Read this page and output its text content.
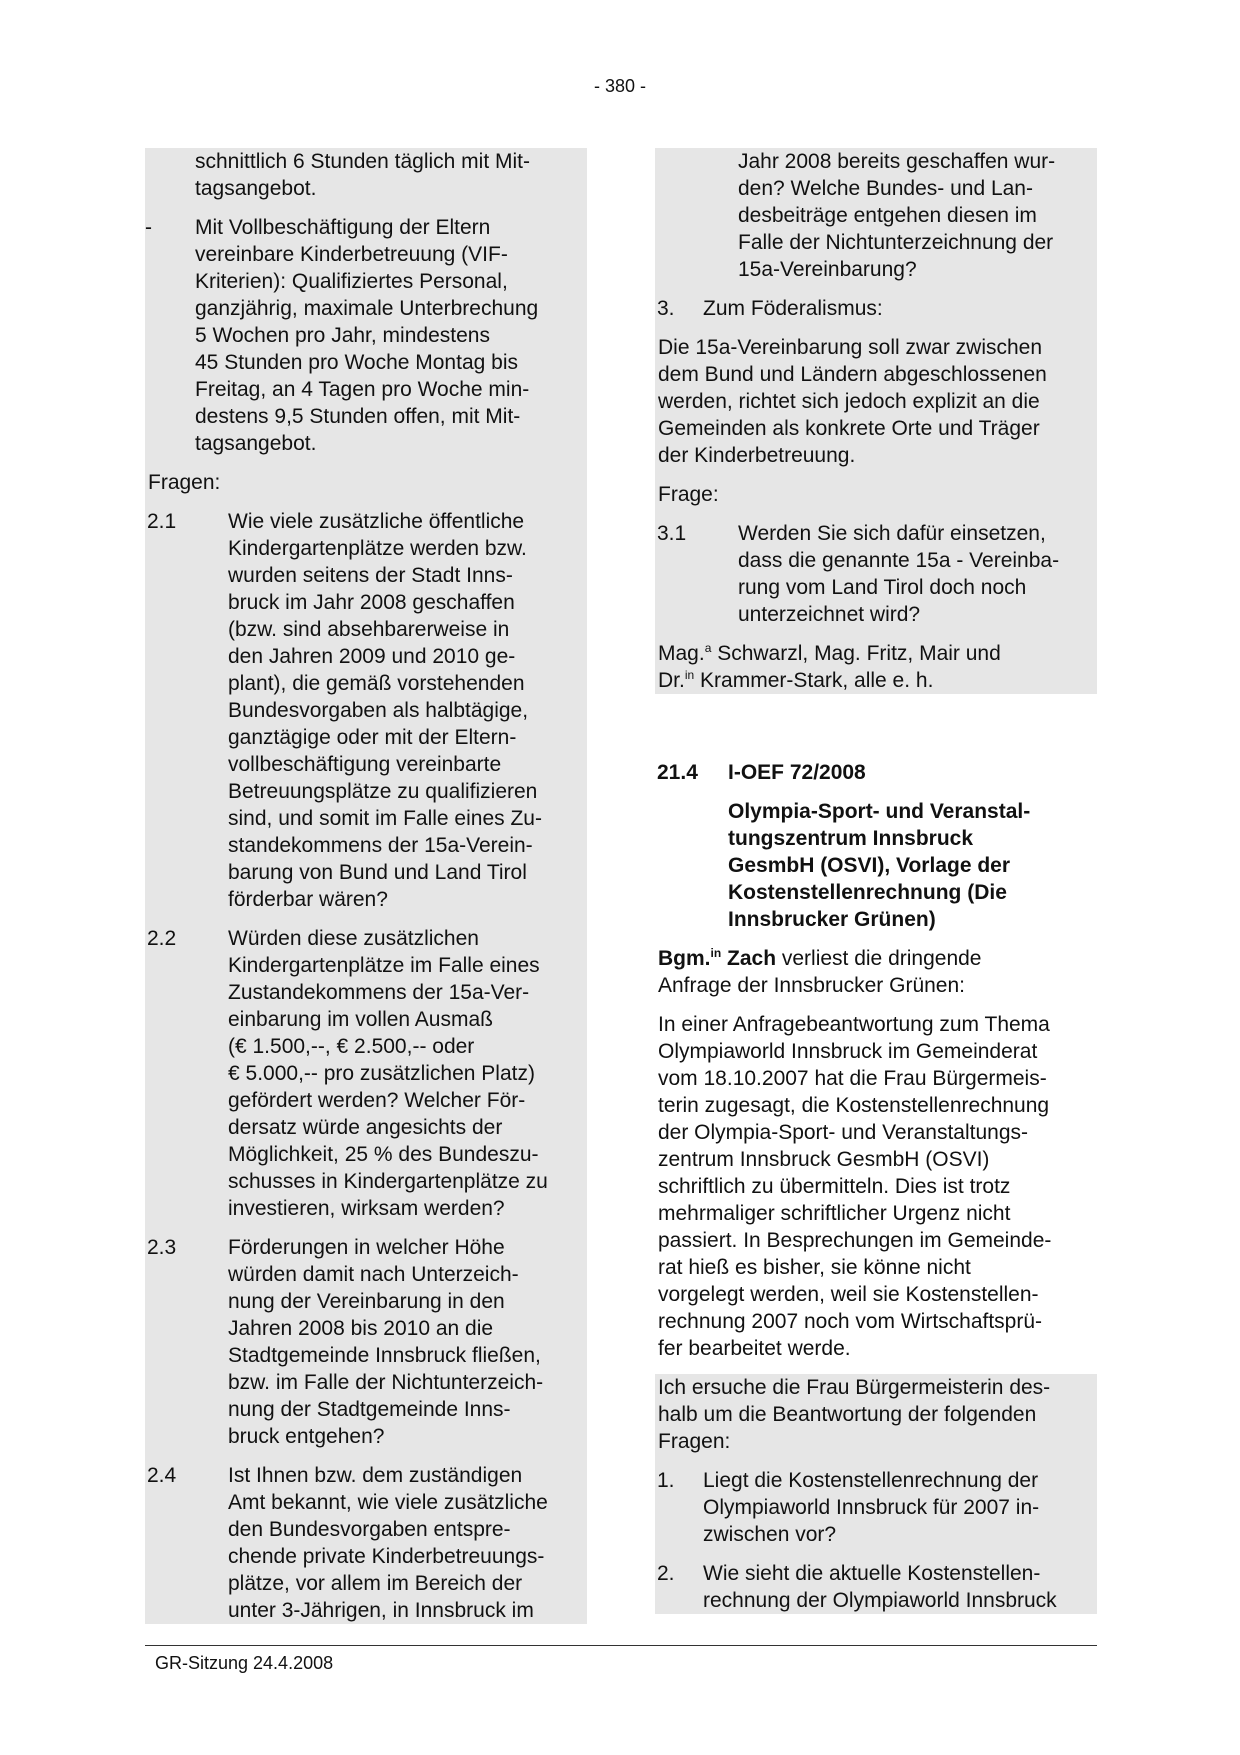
- 380 -
schnittlich 6 Stunden täglich mit Mit-
tagsangebot.
- Mit Vollbeschäftigung der Eltern
vereinbare Kinderbetreuung (VIF-
Kriterien): Qualifiziertes Personal,
ganzjährig, maximale Unterbrechung
5 Wochen pro Jahr, mindestens
45 Stunden pro Woche Montag bis
Freitag, an 4 Tagen pro Woche min-
destens 9,5 Stunden offen, mit Mit-
tagsangebot.
Fragen:
2.1 Wie viele zusätzliche öffentliche
Kindergartenplätze werden bzw.
wurden seitens der Stadt Inns-
bruck im Jahr 2008 geschaffen
(bzw. sind absehbarerweise in
den Jahren 2009 und 2010 ge-
plant), die gemäß vorstehenden
Bundesvorgaben als halbtägige,
ganztägige oder mit der Eltern-
vollbeschäftigung vereinbarte
Betreuungsplätze zu qualifizieren
sind, und somit im Falle eines Zu-
standekommens der 15a-Verein-
barung von Bund und Land Tirol
förderbar wären?
2.2 Würden diese zusätzlichen
Kindergartenplätze im Falle eines
Zustandekommens der 15a-Ver-
einbarung im vollen Ausmaß
(€ 1.500,--, € 2.500,-- oder
€ 5.000,-- pro zusätzlichen Platz)
gefördert werden? Welcher För-
dersatz würde angesichts der
Möglichkeit, 25 % des Bundeszu-
schusses in Kindergartenplätze zu
investieren, wirksam werden?
2.3 Förderungen in welcher Höhe
würden damit nach Unterzeich-
nung der Vereinbarung in den
Jahren 2008 bis 2010 an die
Stadtgemeinde Innsbruck fließen,
bzw. im Falle der Nichtunterzeich-
nung der Stadtgemeinde Inns-
bruck entgehen?
2.4 Ist Ihnen bzw. dem zuständigen
Amt bekannt, wie viele zusätzliche
den Bundesvorgaben entspre-
chende private Kinderbetreuungs-
plätze, vor allem im Bereich der
unter 3-Jährigen, in Innsbruck im
Jahr 2008 bereits geschaffen wur-
den? Welche Bundes- und Lan-
desbeiträge entgehen diesen im
Falle der Nichtunterzeichnung der
15a-Vereinbarung?
3. Zum Föderalismus:
Die 15a-Vereinbarung soll zwar zwischen
dem Bund und Ländern abgeschlossenen
werden, richtet sich jedoch explizit an die
Gemeinden als konkrete Orte und Träger
der Kinderbetreuung.
Frage:
3.1 Werden Sie sich dafür einsetzen,
dass die genannte 15a - Vereinba-
rung vom Land Tirol doch noch
unterzeichnet wird?
Mag.$^a$ Schwarzl, Mag. Fritz, Mair und
Dr.$^{in}$ Krammer-Stark, alle e. h.
21.4 I-OEF 72/2008
Olympia-Sport- und Veranstal-
tungszentrum Innsbruck
GesmbH (OSVI), Vorlage der
Kostenstellenrechnung (Die
Innsbrucker Grünen)
Bgm.$^{in}$ Zach verliest die dringende
Anfrage der Innsbrucker Grünen:
In einer Anfragebeantwortung zum Thema
Olympiaworld Innsbruck im Gemeinderat
vom 18.10.2007 hat die Frau Bürgermeis-
terin zugesagt, die Kostenstellenrechnung
der Olympia-Sport- und Veranstaltungs-
zentrum Innsbruck GesmbH (OSVI)
schriftlich zu übermitteln. Dies ist trotz
mehrmaliger schriftlicher Urgenz nicht
passiert. In Besprechungen im Gemeinde-
rat hieß es bisher, sie könne nicht
vorgelegt werden, weil sie Kostenstellen-
rechnung 2007 noch vom Wirtschaftsprü-
fer bearbeitet werde.
Ich ersuche die Frau Bürgermeisterin des-
halb um die Beantwortung der folgenden
Fragen:
1. Liegt die Kostenstellenrechnung der
Olympiaworld Innsbruck für 2007 in-
zwischen vor?
2. Wie sieht die aktuelle Kostenstellen-
rechnung der Olympiaworld Innsbruck
GR-Sitzung 24.4.2008
